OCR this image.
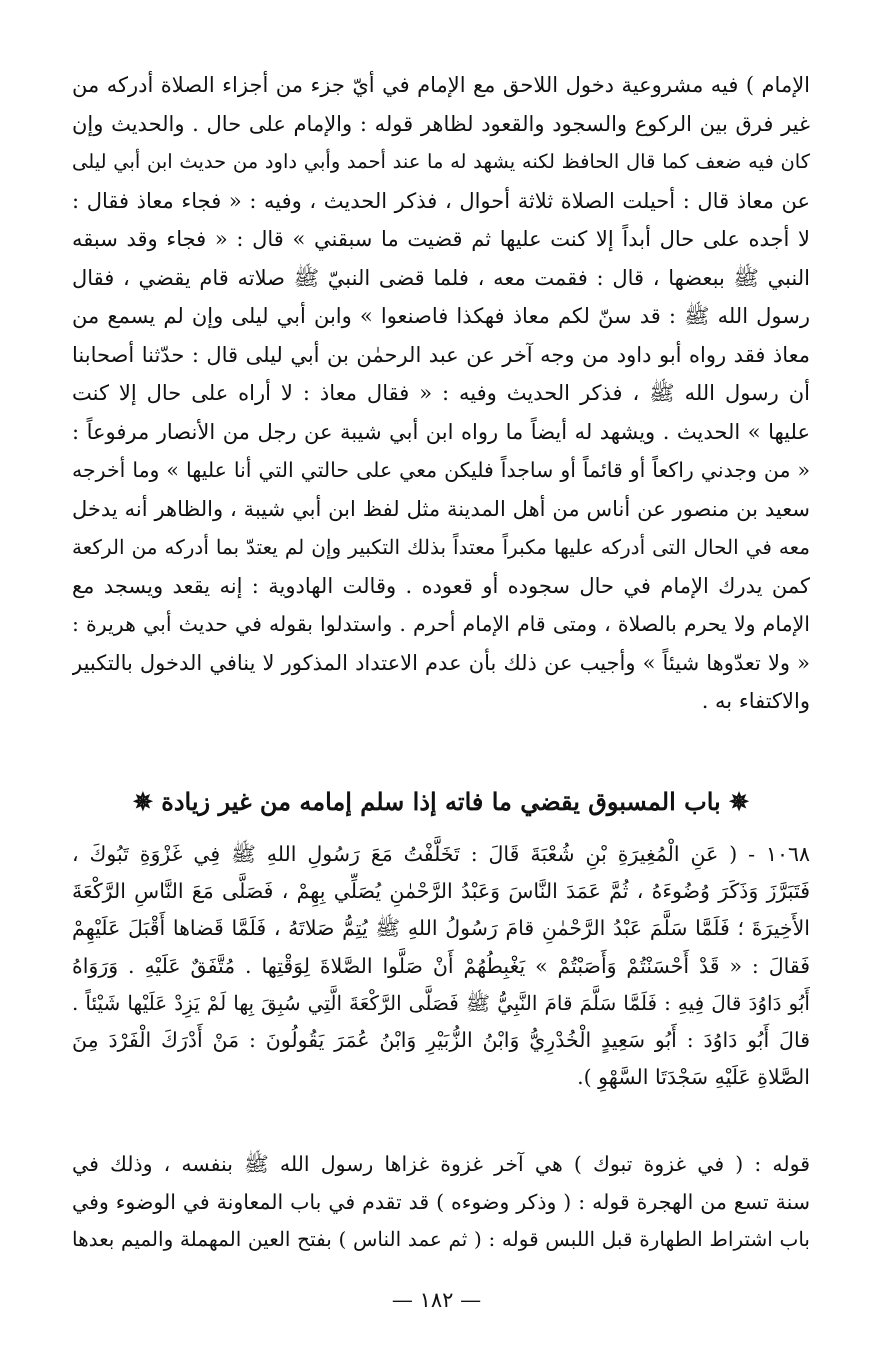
الإمام ) فيه مشروعية دخول اللاحق مع الإمام في أيّ جزء من أجزاء الصلاة أدركه من
غير فرق بين الركوع والسجود والقعود لظاهر قوله : والإمام على حال . والحديث وإن
كان فيه ضعف كما قال الحافظ لكنه يشهد له ما عند أحمد وأبي داود من حديث ابن أبي ليلى
عن معاذ قال : أحيلت الصلاة ثلاثة أحوال ، فذكر الحديث ، وفيه : « فجاء معاذ فقال :
لا أجده على حال أبداً إلا كنت عليها ثم قضيت ما سبقني » قال : « فجاء وقد سبقه
النبي ﷺ ببعضها ، قال : فقمت معه ، فلما قضى النبيّ ﷺ صلاته قام يقضي ، فقال
رسول الله ﷺ : قد سنّ لكم معاذ فهكذا فاصنعوا » وابن أبي ليلى وإن لم يسمع من
معاذ فقد رواه أبو داود من وجه آخر عن عبد الرحمٰن بن أبي ليلى قال : حدّثنا أصحابنا
أن رسول الله ﷺ ، فذكر الحديث وفيه : « فقال معاذ : لا أراه على حال إلا كنت
عليها » الحديث . ويشهد له أيضاً ما رواه ابن أبي شيبة عن رجل من الأنصار مرفوعاً :
« من وجدني راكعاً أو قائماً أو ساجداً فليكن معي على حالتي التي أنا عليها » وما أخرجه
سعيد بن منصور عن أناس من أهل المدينة مثل لفظ ابن أبي شيبة ، والظاهر أنه يدخل
معه في الحال التى أدركه عليها مكبراً معتداً بذلك التكبير وإن لم يعتدّ بما أدركه من الركعة
كمن يدرك الإمام في حال سجوده أو قعوده . وقالت الهادوية : إنه يقعد ويسجد مع
الإمام ولا يحرم بالصلاة ، ومتى قام الإمام أحرم . واستدلوا بقوله في حديث أبي هريرة :
« ولا تعدّوها شيئاً » وأجيب عن ذلك بأن عدم الاعتداد المذكور لا ينافي الدخول بالتكبير
والاكتفاء به .
✵ باب المسبوق يقضي ما فاته إذا سلم إمامه من غير زيادة ✵
١٠٦٨ - ( عَنِ الْمُغِيرَةِ بْنِ شُعْبَةَ قَالَ : تَخَلَّفْتُ مَعَ رَسُولِ اللهِ ﷺ فِي غَزْوَةِ تَبُوكَ ،
فَتَبَرَّزَ وَذَكَرَ وُضُوءَهُ ، ثُمَّ عَمَدَ النَّاسَ وَعَبْدُ الرَّحْمٰنِ يُصَلِّي بِهِمْ ، فَصَلَّى مَعَ النَّاسِ الرَّكْعَةَ
الأَخِيرَةَ ؛ فَلَمَّا سَلَّمَ عَبْدُ الرَّحْمٰنِ قامَ رَسُولُ اللهِ ﷺ يُتِمُّ صَلاتَهُ ، فَلَمَّا قَضاها أَقْبَلَ عَلَيْهِمْ
فَقالَ : « قَدْ أَحْسَنْتُمْ وَأَصَبْتُمْ » يَغْبِطُهُمْ أَنْ صَلَّوا الصَّلاةَ لِوَقْتِها . مُتَّفَقٌ عَلَيْهِ . وَرَوَاهُ
أَبُو دَاوُدَ قالَ فِيهِ : فَلَمَّا سَلَّمَ قامَ النَّبِيُّ ﷺ فَصَلَّى الرَّكْعَةَ الَّتِي سُبِقَ بِها لَمْ يَزِدْ عَلَيْها شَيْئاً .
قالَ أَبُو دَاوُدَ : أَبُو سَعِيدٍ الْخُدْرِيُّ وَابْنُ الزُّبَيْرِ وَابْنُ عُمَرَ يَقُولُونَ : مَنْ أَدْرَكَ الْفَرْدَ مِنَ
الصَّلاةِ عَلَيْهِ سَجْدَتَا السَّهْوِ ).
قوله : ( في غزوة تبوك ) هي آخر غزوة غزاها رسول الله ﷺ بنفسه ، وذلك في
سنة تسع من الهجرة قوله : ( وذكر وضوءه ) قد تقدم في باب المعاونة في الوضوء وفي
باب اشتراط الطهارة قبل اللبس قوله : ( ثم عمد الناس ) بفتح العين المهملة والميم بعدها
— ١٨٢ —
